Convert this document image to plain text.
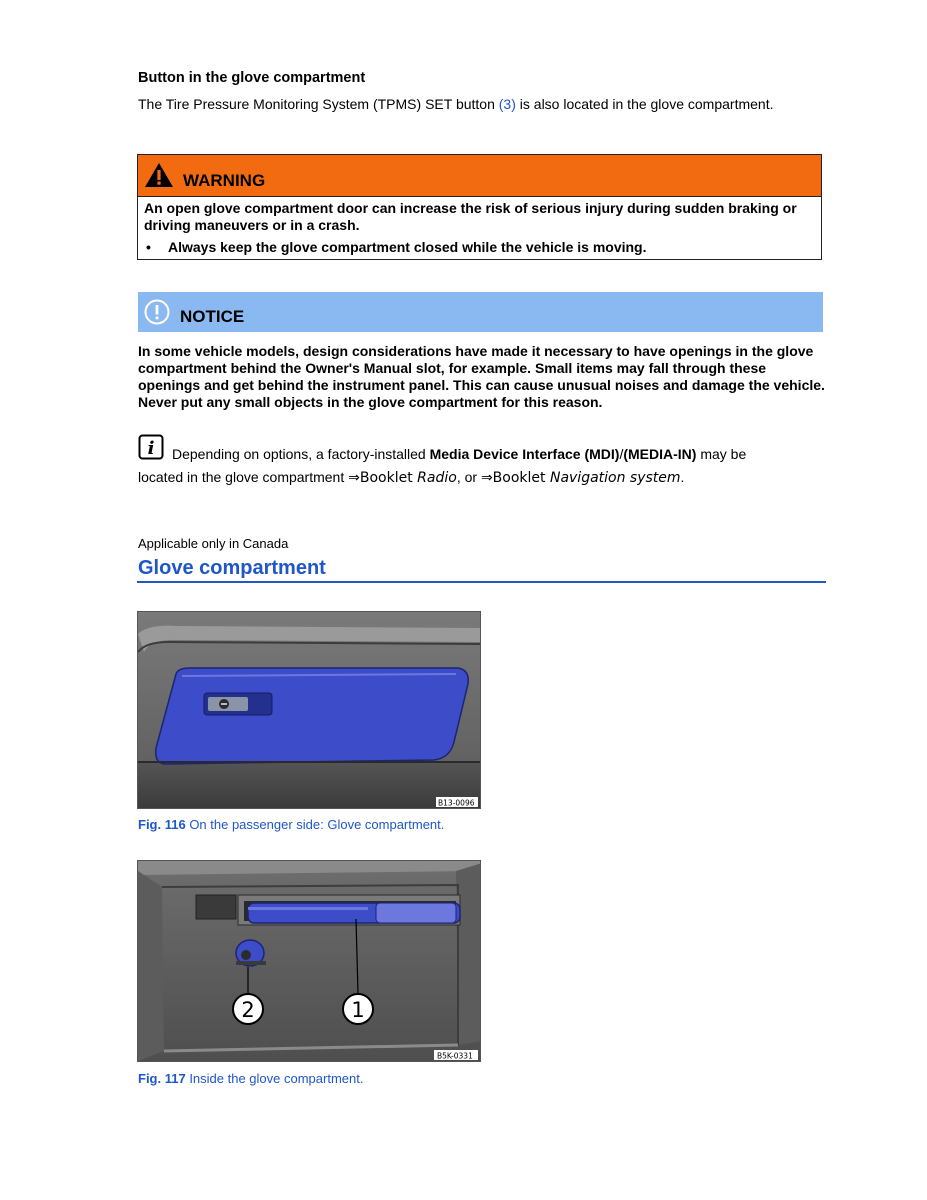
Button in the glove compartment
The Tire Pressure Monitoring System (TPMS) SET button (3) is also located in the glove compartment.
WARNING
An open glove compartment door can increase the risk of serious injury during sudden braking or driving maneuvers or in a crash.
•	Always keep the glove compartment closed while the vehicle is moving.
NOTICE
In some vehicle models, design considerations have made it necessary to have openings in the glove compartment behind the Owner's Manual slot, for example. Small items may fall through these openings and get behind the instrument panel. This can cause unusual noises and damage the vehicle. Never put any small objects in the glove compartment for this reason.
i Depending on options, a factory-installed Media Device Interface (MDI)/(MEDIA-IN) may be
located in the glove compartment ⇒Booklet Radio, or ⇒Booklet Navigation system.
Applicable only in Canada
Glove compartment
B13-0096
Fig. 116 On the passenger side: Glove compartment.
2	1
B5K-0331
Fig. 117 Inside the glove compartment.
